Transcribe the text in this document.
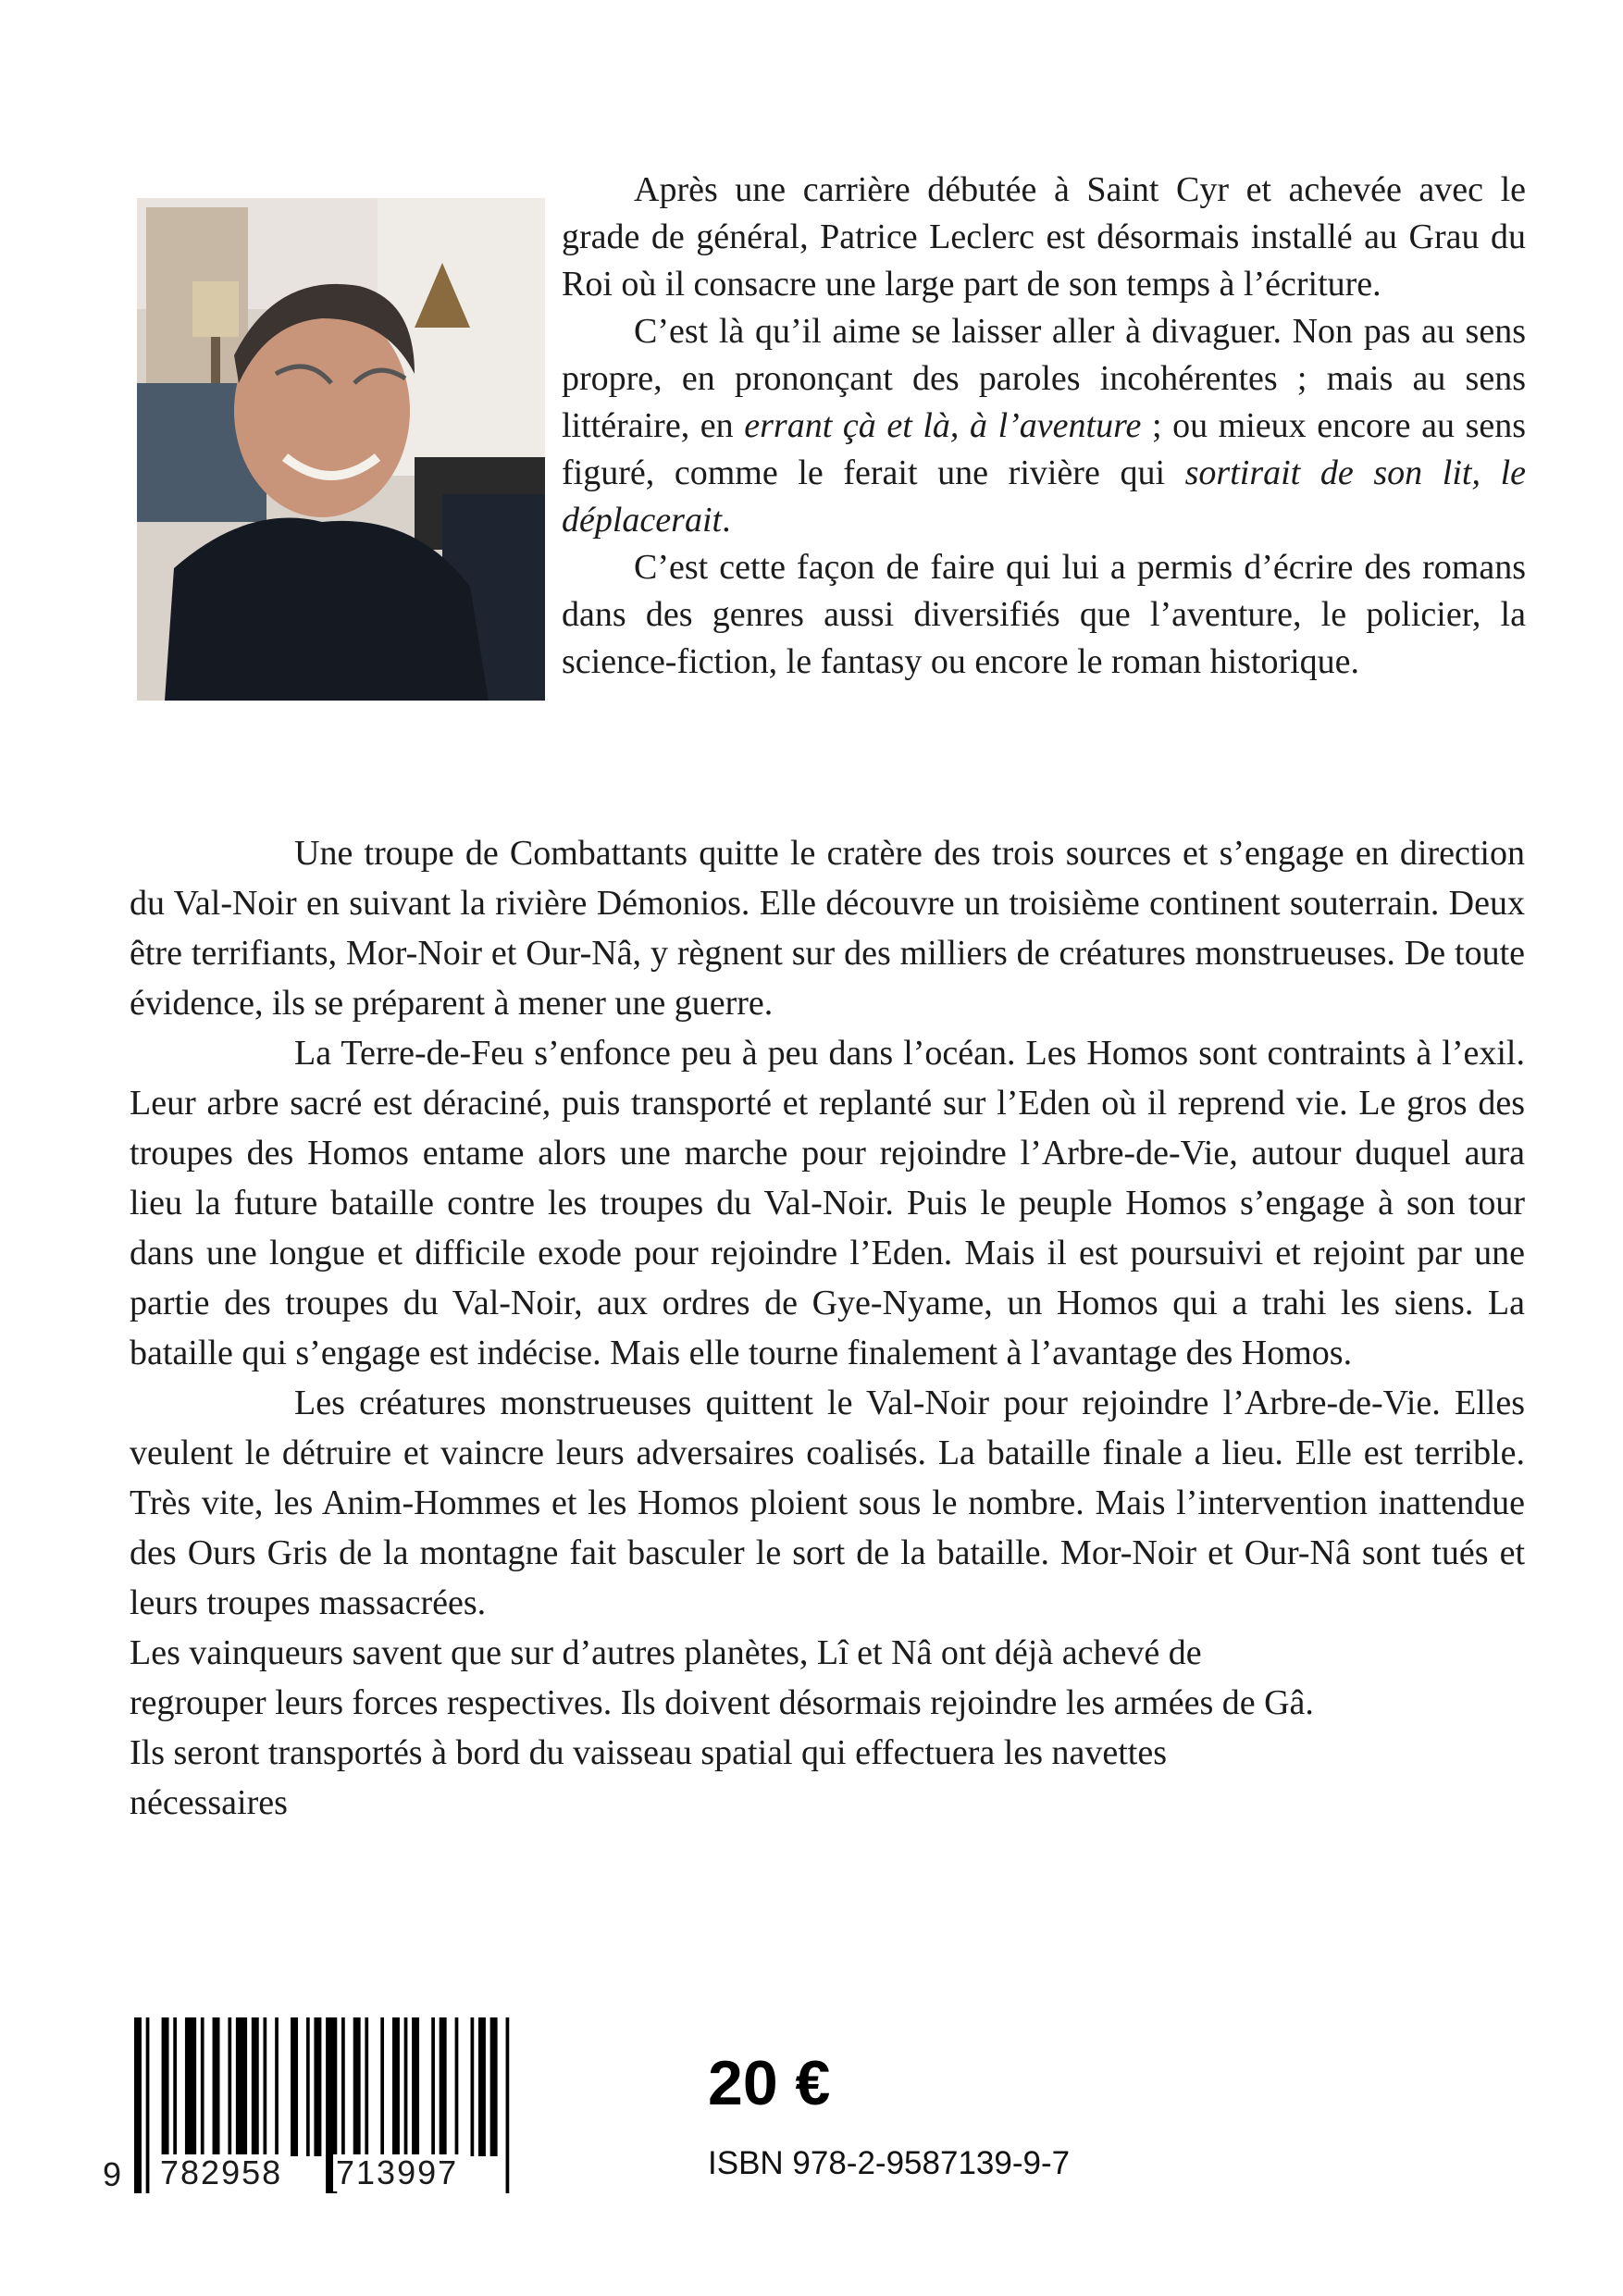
Après une carrière débutée à Saint Cyr et achevée avec le grade de général, Patrice Leclerc est désormais installé au Grau du Roi où il consacre une large part de son temps à l’écriture.

C’est là qu’il aime se laisser aller à divaguer. Non pas au sens propre, en prononçant des paroles incohérentes ; mais au sens littéraire, en errant çà et là, à l’aventure ; ou mieux encore au sens figuré, comme le ferait une rivière qui sortirait de son lit, le déplacerait.

C’est cette façon de faire qui lui a permis d’écrire des romans dans des genres aussi diversifiés que l’aventure, le policier, la science-fiction, le fantasy ou encore le roman historique.

Une troupe de Combattants quitte le cratère des trois sources et s’engage en direction du Val-Noir en suivant la rivière Démonios. Elle découvre un troisième continent souterrain. Deux être terrifiants, Mor-Noir et Our-Nâ, y règnent sur des milliers de créatures monstrueuses. De toute évidence, ils se préparent à mener une guerre.

La Terre-de-Feu s’enfonce peu à peu dans l’océan. Les Homos sont contraints à l’exil. Leur arbre sacré est déraciné, puis transporté et replanté sur l’Eden où il reprend vie. Le gros des troupes des Homos entame alors une marche pour rejoindre l’Arbre-de-Vie, autour duquel aura lieu la future bataille contre les troupes du Val-Noir. Puis le peuple Homos s’engage à son tour dans une longue et difficile exode pour rejoindre l’Eden. Mais il est poursuivi et rejoint par une partie des troupes du Val-Noir, aux ordres de Gye-Nyame, un Homos qui a trahi les siens. La bataille qui s’engage est indécise. Mais elle tourne finalement à l’avantage des Homos.

Les créatures monstrueuses quittent le Val-Noir pour rejoindre l’Arbre-de-Vie. Elles veulent le détruire et vaincre leurs adversaires coalisés. La bataille finale a lieu. Elle est terrible. Très vite, les Anim-Hommes et les Homos ploient sous le nombre. Mais l’intervention inattendue des Ours Gris de la montagne fait basculer le sort de la bataille. Mor-Noir et Our-Nâ sont tués et leurs troupes massacrées.

Les vainqueurs savent que sur d’autres planètes, Lî et Nâ ont déjà achevé de
regrouper leurs forces respectives. Ils doivent désormais rejoindre les armées de Gâ.
Ils seront transportés à bord du vaisseau spatial qui effectuera les navettes
nécessaires

9 782958 713997
20 €
ISBN 978-2-9587139-9-7
